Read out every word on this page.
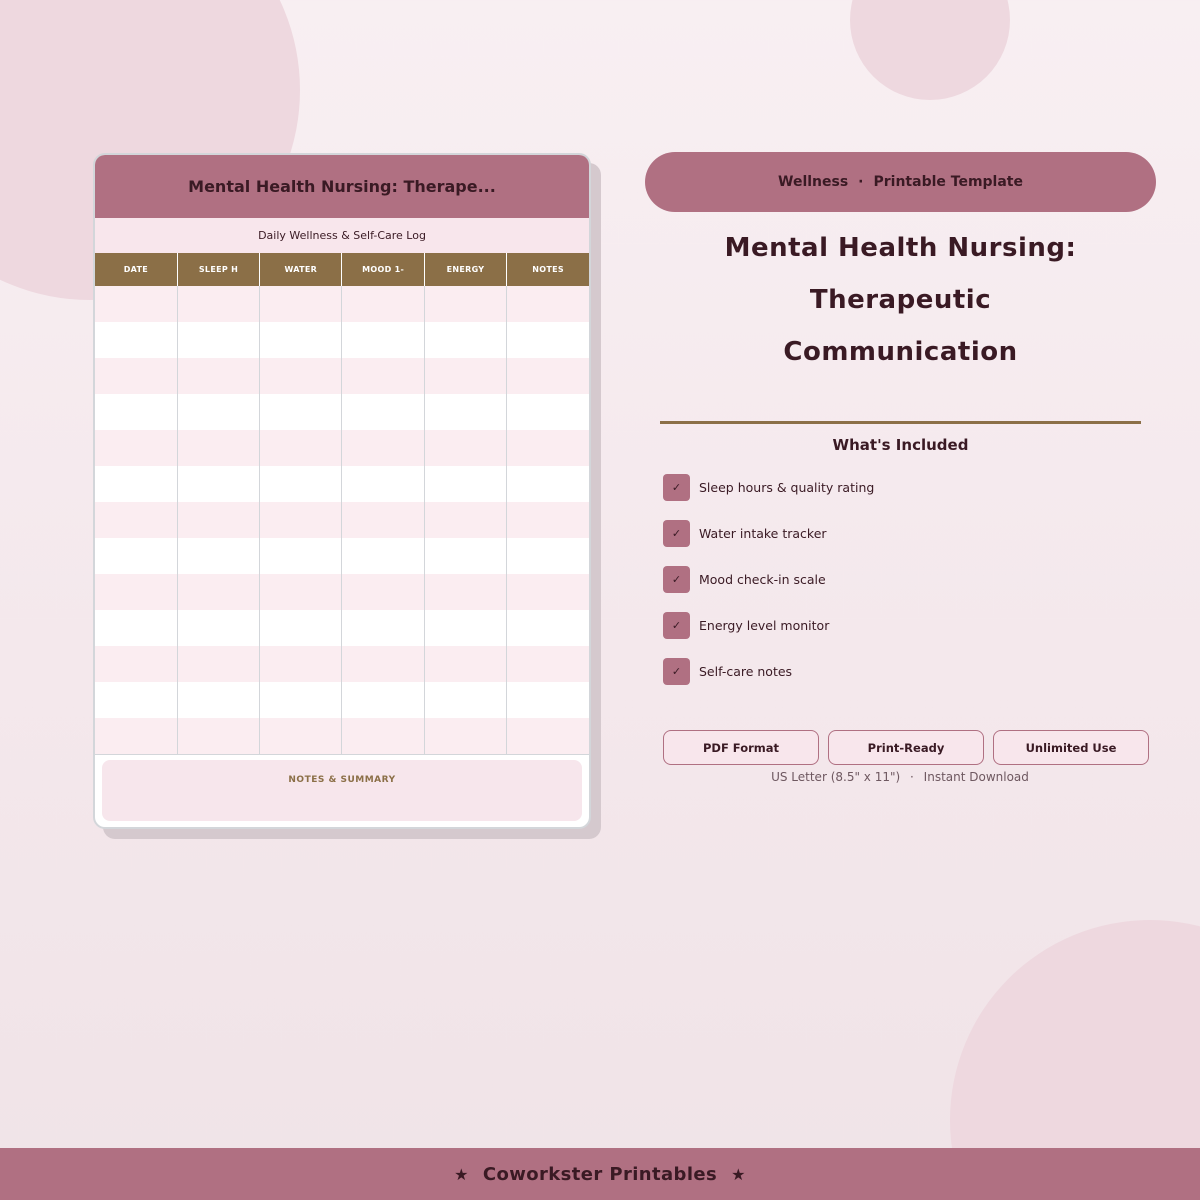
Mental Health Nursing: Therape...
Daily Wellness & Self-Care Log
DATE	SLEEP H	WATER	MOOD 1-	ENERGY	NOTES

NOTES & SUMMARY
Wellness · Printable Template
Mental Health Nursing:
Therapeutic
Communication
What's Included
✓	Sleep hours & quality rating
✓	Water intake tracker
✓	Mood check-in scale
✓	Energy level monitor
✓	Self-care notes
PDF Format	Print-Ready	Unlimited Use
US Letter (8.5" x 11") · Instant Download
★ Coworkster Printables ★
